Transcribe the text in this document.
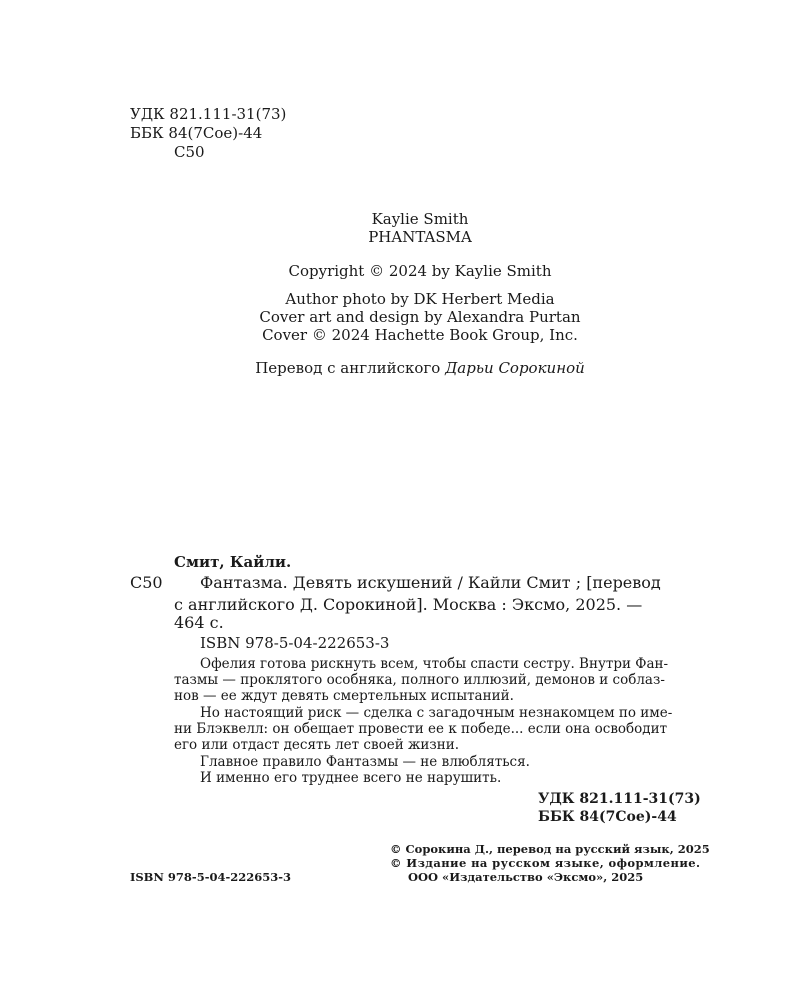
УДК 821.111-31(73)
ББК 84(7Сое)-44
С50
Kaylie Smith
PHANTASMA
Copyright © 2024 by Kaylie Smith
Author photo by DK Herbert Media
Cover art and design by Alexandra Purtan
Cover © 2024 Hachette Book Group, Inc.
Перевод с английского Дарьи Сорокиной
Смит, Кайли.
С50 Фантазма. Девять искушений / Кайли Смит ; [перевод
с английского Д. Сорокиной]. Москва : Эксмо, 2025. —
464 с.
ISBN 978-5-04-222653-3
Офелия готова рискнуть всем, чтобы спасти сестру. Внутри Фан-
тазмы — проклятого особняка, полного иллюзий, демонов и соблаз-
нов — ее ждут девять смертельных испытаний.
Но настоящий риск — сделка с загадочным незнакомцем по име-
ни Блэквелл: он обещает провести ее к победе... если она освободит
его или отдаст десять лет своей жизни.
Главное правило Фантазмы — не влюбляться.
И именно его труднее всего не нарушить.
УДК 821.111-31(73)
ББК 84(7Сое)-44
© Сорокина Д., перевод на русский язык, 2025
© Издание на русском языке, оформление.
ООО «Издательство «Эксмо», 2025
ISBN 978-5-04-222653-3
